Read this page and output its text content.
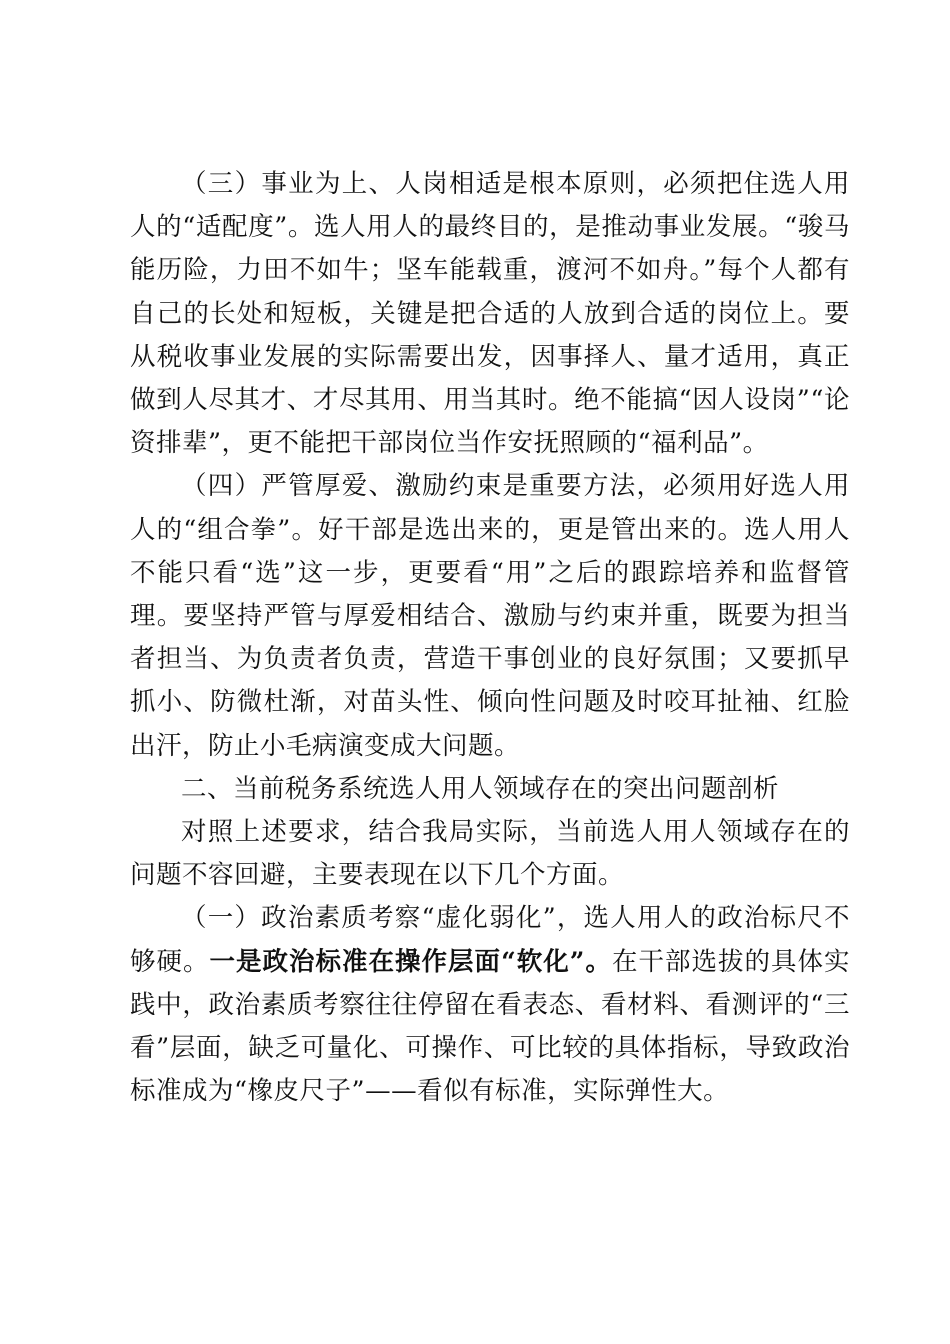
（三）事业为上、人岗相适是根本原则，必须把住选人用人的“适配度”。选人用人的最终目的，是推动事业发展。“骏马能历险，力田不如牛；坚车能载重，渡河不如舟。”每个人都有自己的长处和短板，关键是把合适的人放到合适的岗位上。要从税收事业发展的实际需要出发，因事择人、量才适用，真正做到人尽其才、才尽其用、用当其时。绝不能搞“因人设岗”“论资排辈”，更不能把干部岗位当作安抚照顾的“福利品”。

（四）严管厚爱、激励约束是重要方法，必须用好选人用人的“组合拳”。好干部是选出来的，更是管出来的。选人用人不能只看“选”这一步，更要看“用”之后的跟踪培养和监督管理。要坚持严管与厚爱相结合、激励与约束并重，既要为担当者担当、为负责者负责，营造干事创业的良好氛围；又要抓早抓小、防微杜渐，对苗头性、倾向性问题及时咬耳扯袖、红脸出汗，防止小毛病演变成大问题。

二、当前税务系统选人用人领域存在的突出问题剖析

对照上述要求，结合我局实际，当前选人用人领域存在的问题不容回避，主要表现在以下几个方面。

（一）政治素质考察“虚化弱化”，选人用人的政治标尺不够硬。一是政治标准在操作层面“软化”。在干部选拔的具体实践中，政治素质考察往往停留在看表态、看材料、看测评的“三看”层面，缺乏可量化、可操作、可比较的具体指标，导致政治标准成为“橡皮尺子”——看似有标准，实际弹性大。
